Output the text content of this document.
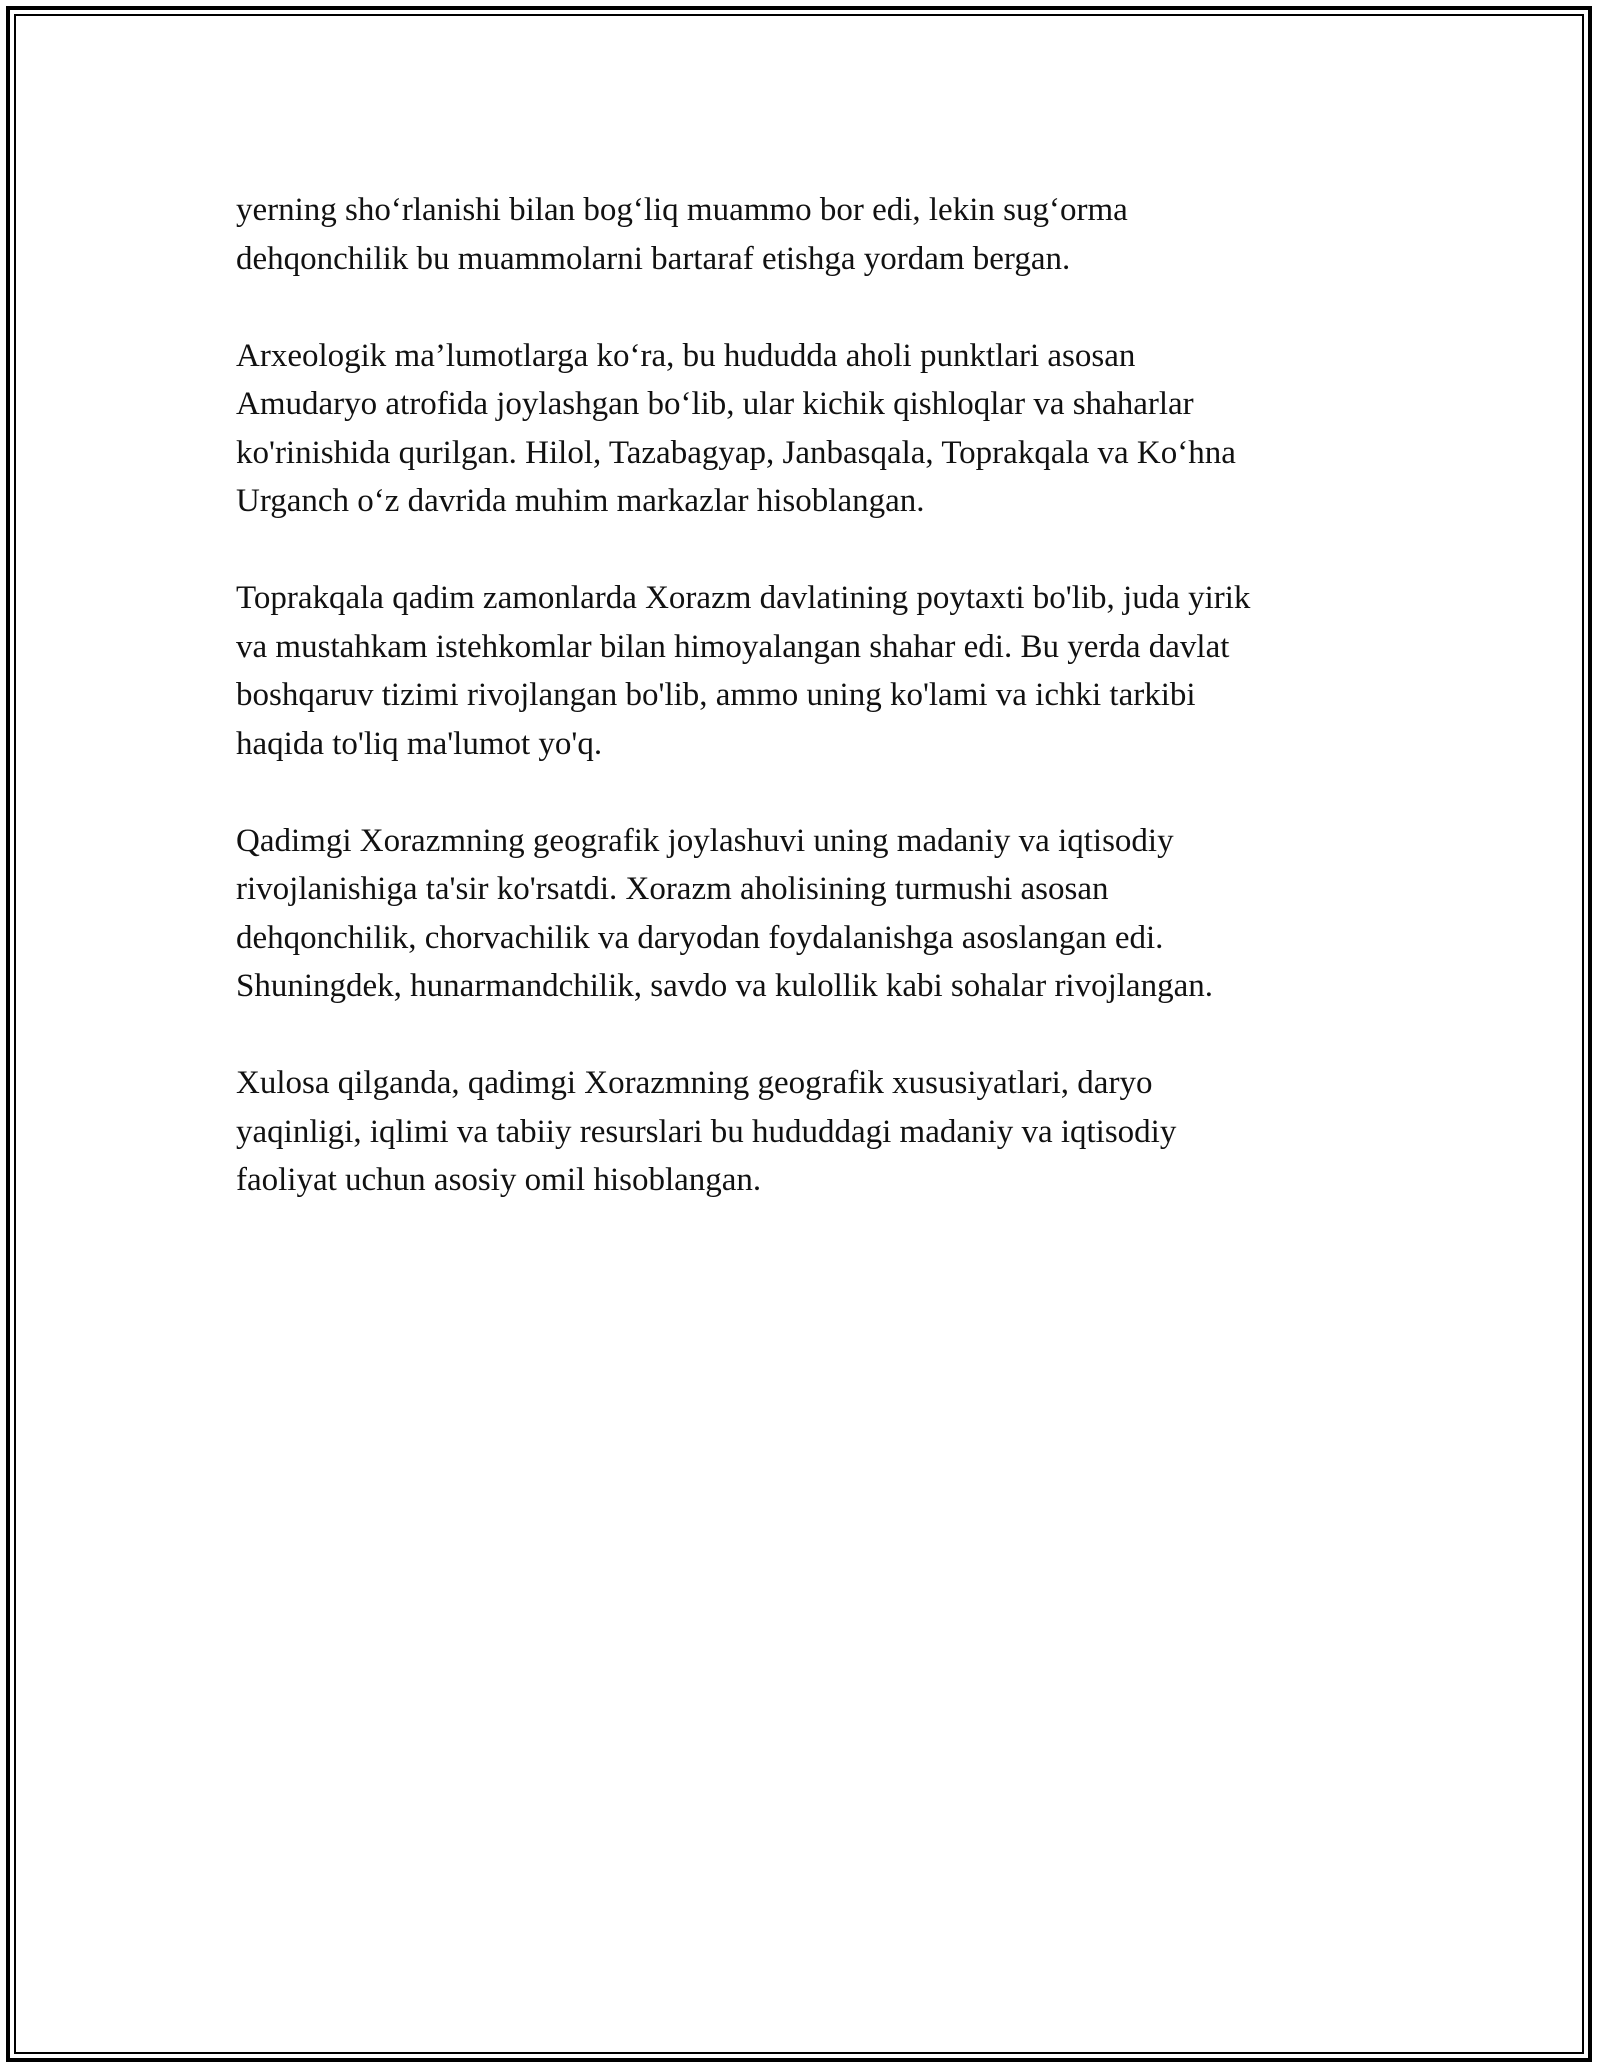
yerning sho‘rlanishi bilan bog‘liq muammo bor edi, lekin sug‘orma
dehqonchilik bu muammolarni bartaraf etishga yordam bergan.

Arxeologik ma’lumotlarga ko‘ra, bu hududda aholi punktlari asosan
Amudaryo atrofida joylashgan bo‘lib, ular kichik qishloqlar va shaharlar
ko'rinishida qurilgan. Hilol, Tazabagyap, Janbasqala, Toprakqala va Ko‘hna
Urganch o‘z davrida muhim markazlar hisoblangan.

Toprakqala qadim zamonlarda Xorazm davlatining poytaxti bo'lib, juda yirik
va mustahkam istehkomlar bilan himoyalangan shahar edi. Bu yerda davlat
boshqaruv tizimi rivojlangan bo'lib, ammo uning ko'lami va ichki tarkibi
haqida to'liq ma'lumot yo'q.

Qadimgi Xorazmning geografik joylashuvi uning madaniy va iqtisodiy
rivojlanishiga ta'sir ko'rsatdi. Xorazm aholisining turmushi asosan
dehqonchilik, chorvachilik va daryodan foydalanishga asoslangan edi.
Shuningdek, hunarmandchilik, savdo va kulollik kabi sohalar rivojlangan.

Xulosa qilganda, qadimgi Xorazmning geografik xususiyatlari, daryo
yaqinligi, iqlimi va tabiiy resurslari bu hududdagi madaniy va iqtisodiy
faoliyat uchun asosiy omil hisoblangan.
